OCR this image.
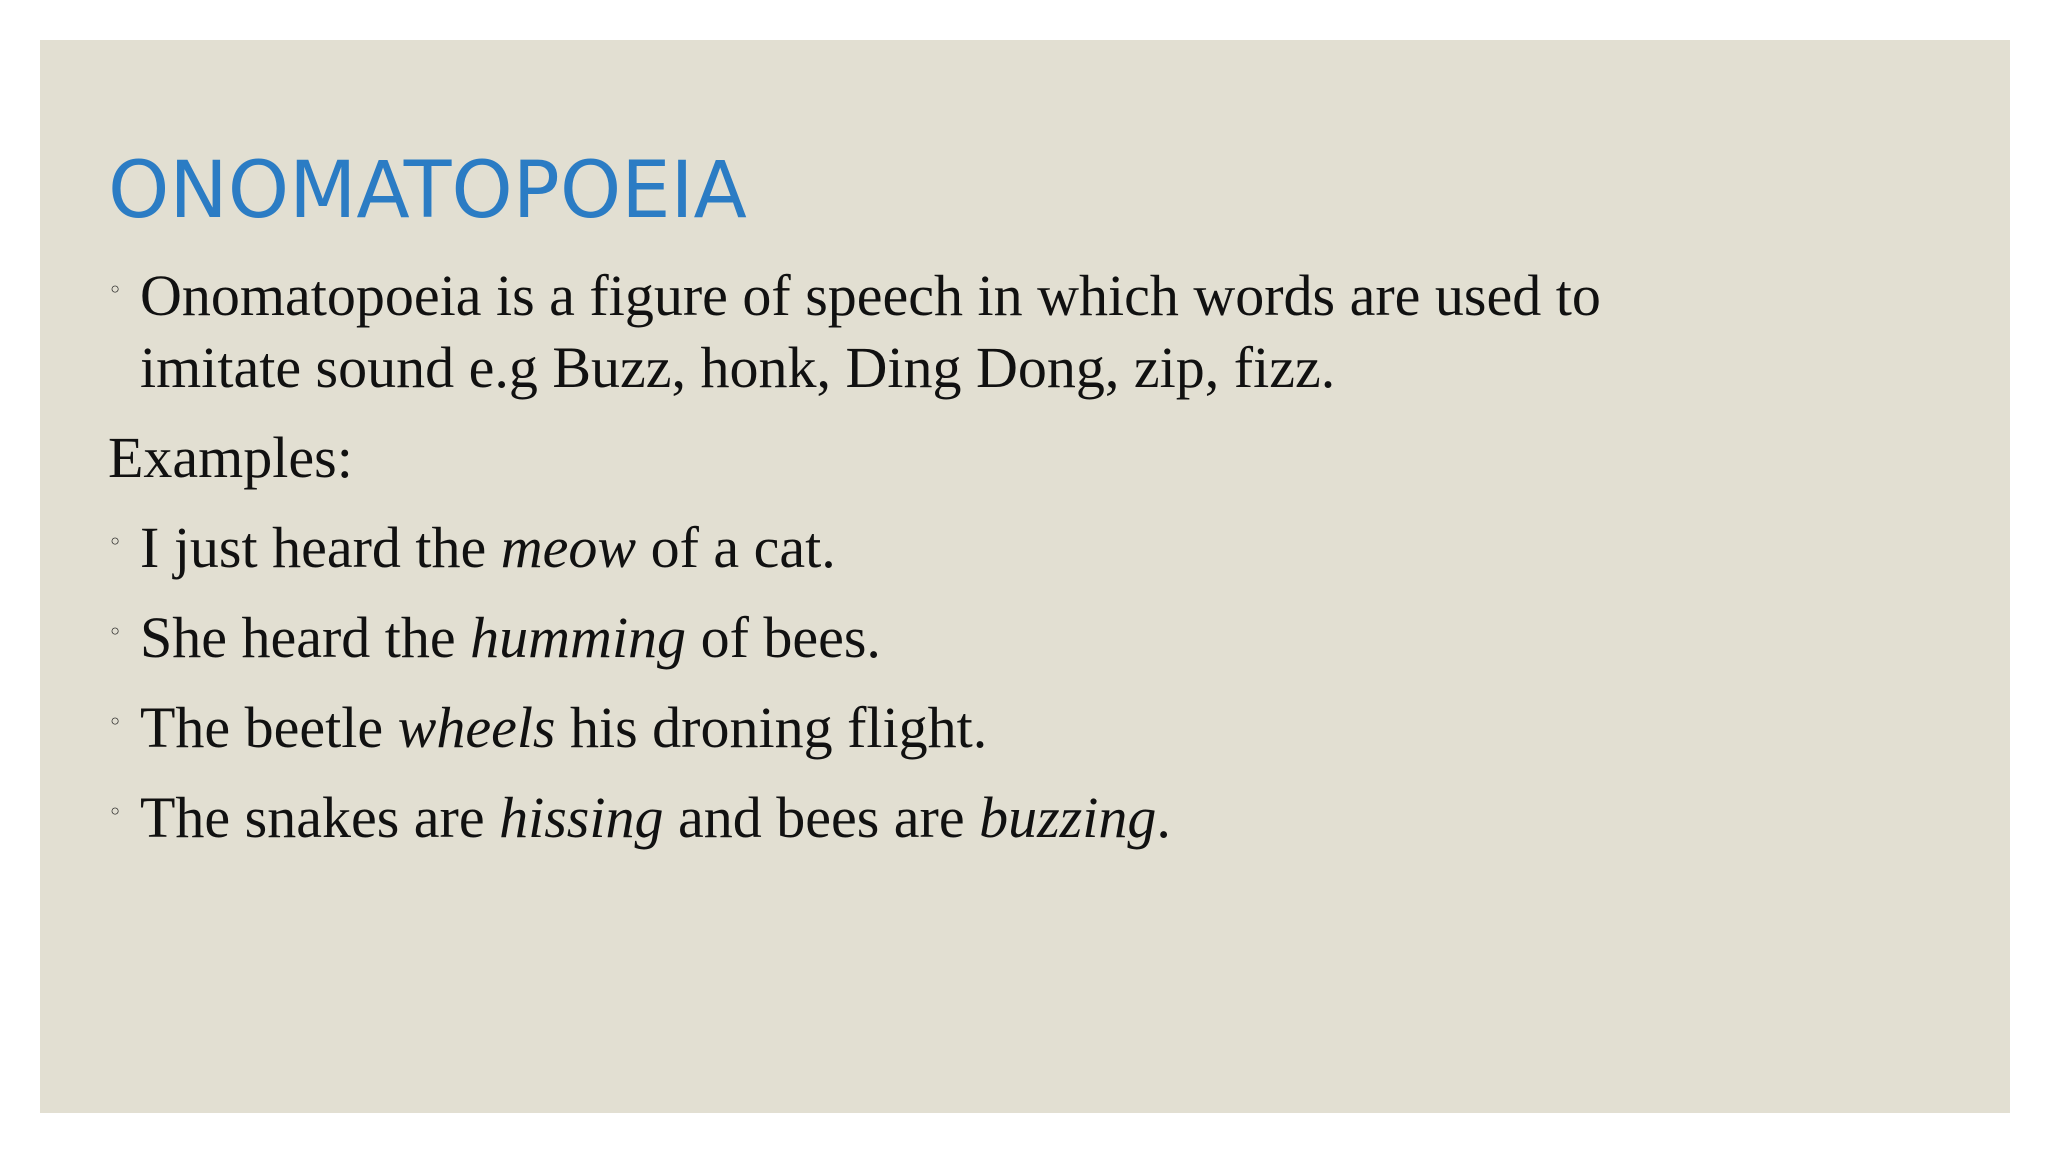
ONOMATOPOEIA
◦ Onomatopoeia is a figure of speech in which words are used to
imitate sound e.g Buzz, honk, Ding Dong, zip, fizz.
Examples:
◦ I just heard the meow of a cat.
◦ She heard the humming of bees.
◦ The beetle wheels his droning flight.
◦ The snakes are hissing and bees are buzzing.
